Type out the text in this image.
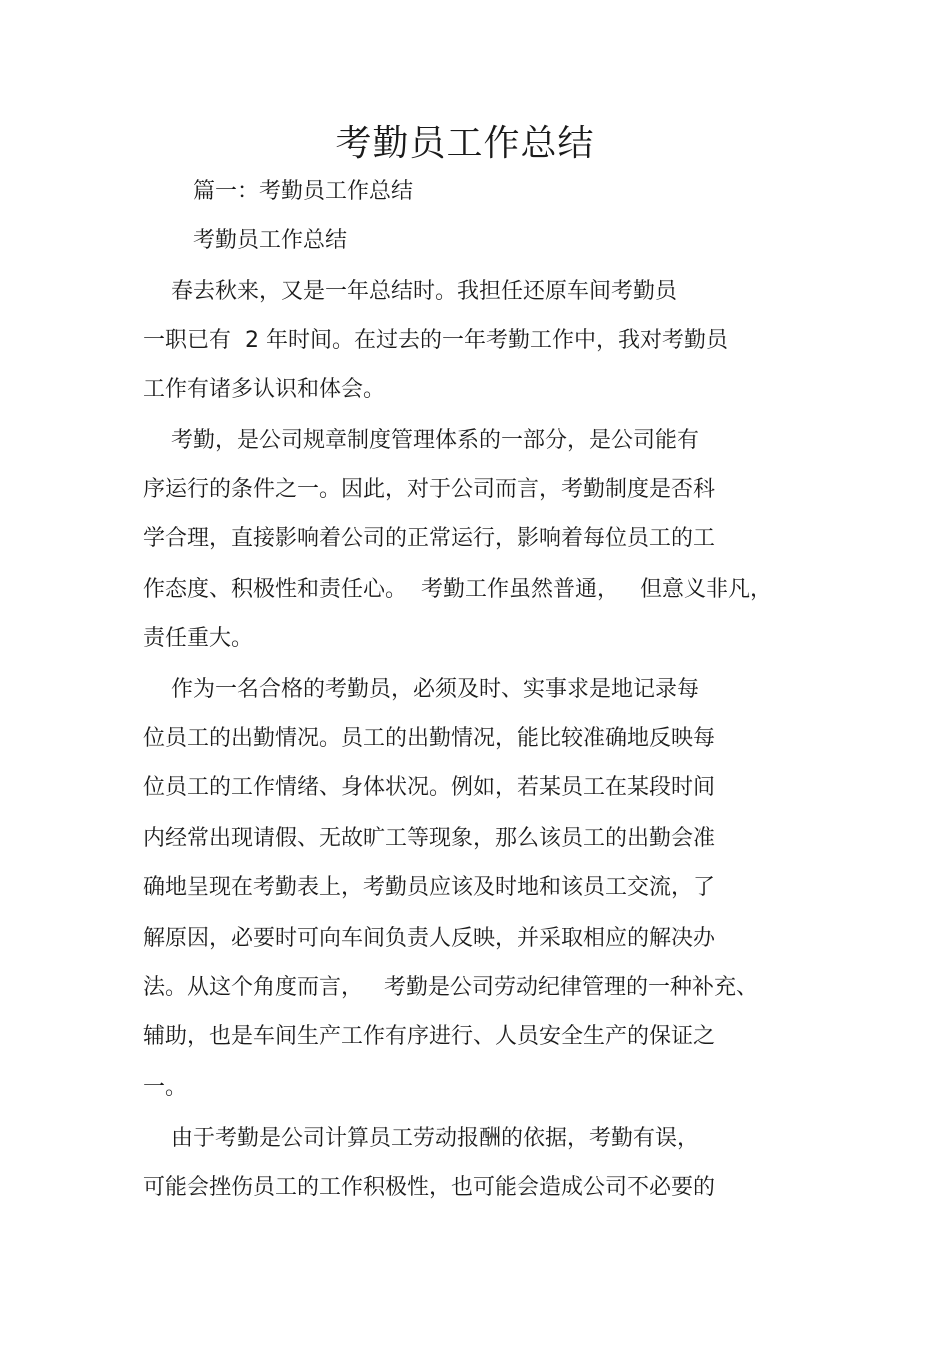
考勤员工作总结

篇一：考勤员工作总结

考勤员工作总结

春去秋来，又是一年总结时。我担任还原车间考勤员

一职已有  2 年时间。在过去的一年考勤工作中，我对考勤员

工作有诸多认识和体会。

考勤，是公司规章制度管理体系的一部分，是公司能有

序运行的条件之一。因此，对于公司而言，考勤制度是否科

学合理，直接影响着公司的正常运行，影响着每位员工的工

作态度、积极性和责任心。  考勤工作虽然普通，   但意义非凡，

责任重大。

作为一名合格的考勤员，必须及时、实事求是地记录每

位员工的出勤情况。员工的出勤情况，能比较准确地反映每

位员工的工作情绪、身体状况。例如，若某员工在某段时间

内经常出现请假、无故旷工等现象，那么该员工的出勤会准

确地呈现在考勤表上，考勤员应该及时地和该员工交流，了

解原因，必要时可向车间负责人反映，并采取相应的解决办

法。从这个角度而言，   考勤是公司劳动纪律管理的一种补充、

辅助，也是车间生产工作有序进行、人员安全生产的保证之

一。

由于考勤是公司计算员工劳动报酬的依据，考勤有误，

可能会挫伤员工的工作积极性，也可能会造成公司不必要的
